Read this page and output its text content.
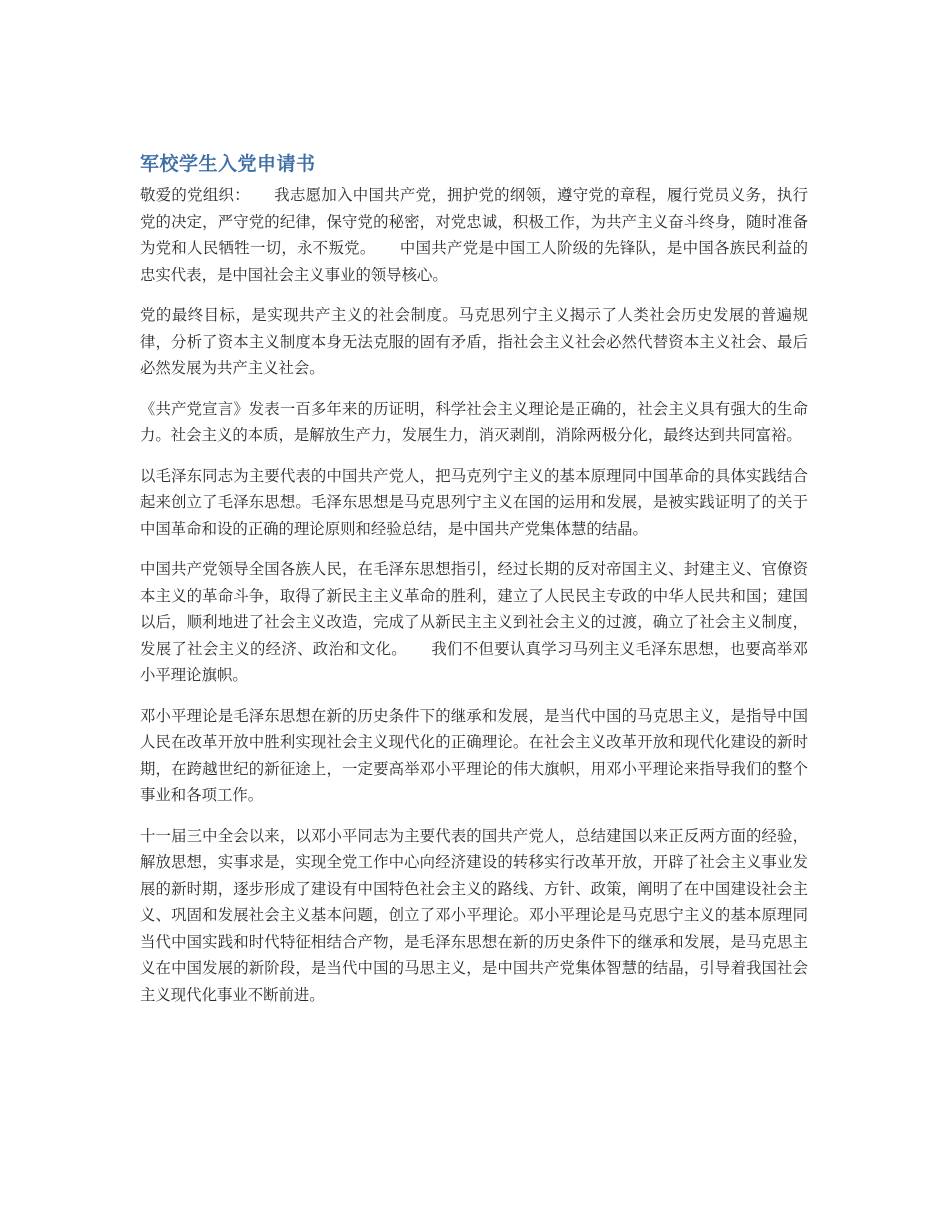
军校学生入党申请书

敬爱的党组织： 我志愿加入中国共产党，拥护党的纲领，遵守党的章程，履行党员义务，执行党的决定，严守党的纪律，保守党的秘密，对党忠诚，积极工作，为共产主义奋斗终身，随时准备为党和人民牺牲一切，永不叛党。 中国共产党是中国工人阶级的先锋队，是中国各族民利益的忠实代表，是中国社会主义事业的领导核心。

党的最终目标，是实现共产主义的社会制度。马克思列宁主义揭示了人类社会历史发展的普遍规律，分析了资本主义制度本身无法克服的固有矛盾，指社会主义社会必然代替资本主义社会、最后必然发展为共产主义社会。

《共产党宣言》发表一百多年来的历证明，科学社会主义理论是正确的，社会主义具有强大的生命力。社会主义的本质，是解放生产力，发展生力，消灭剥削，消除两极分化，最终达到共同富裕。

以毛泽东同志为主要代表的中国共产党人，把马克列宁主义的基本原理同中国革命的具体实践结合起来创立了毛泽东思想。毛泽东思想是马克思列宁主义在国的运用和发展，是被实践证明了的关于中国革命和设的正确的理论原则和经验总结，是中国共产党集体慧的结晶。

中国共产党领导全国各族人民，在毛泽东思想指引，经过长期的反对帝国主义、封建主义、官僚资本主义的革命斗争，取得了新民主主义革命的胜利，建立了人民民主专政的中华人民共和国；建国以后，顺利地进了社会主义改造，完成了从新民主主义到社会主义的过渡，确立了社会主义制度，发展了社会主义的经济、政治和文化。 我们不但要认真学习马列主义毛泽东思想，也要高举邓小平理论旗帜。

邓小平理论是毛泽东思想在新的历史条件下的继承和发展，是当代中国的马克思主义，是指导中国人民在改革开放中胜利实现社会主义现代化的正确理论。在社会主义改革开放和现代化建设的新时期，在跨越世纪的新征途上，一定要高举邓小平理论的伟大旗帜，用邓小平理论来指导我们的整个事业和各项工作。

十一届三中全会以来，以邓小平同志为主要代表的国共产党人，总结建国以来正反两方面的经验，解放思想，实事求是，实现全党工作中心向经济建设的转移实行改革开放，开辟了社会主义事业发展的新时期，逐步形成了建设有中国特色社会主义的路线、方针、政策，阐明了在中国建设社会主义、巩固和发展社会主义基本问题，创立了邓小平理论。邓小平理论是马克思宁主义的基本原理同当代中国实践和时代特征相结合产物，是毛泽东思想在新的历史条件下的继承和发展，是马克思主义在中国发展的新阶段，是当代中国的马思主义，是中国共产党集体智慧的结晶，引导着我国社会主义现代化事业不断前进。
